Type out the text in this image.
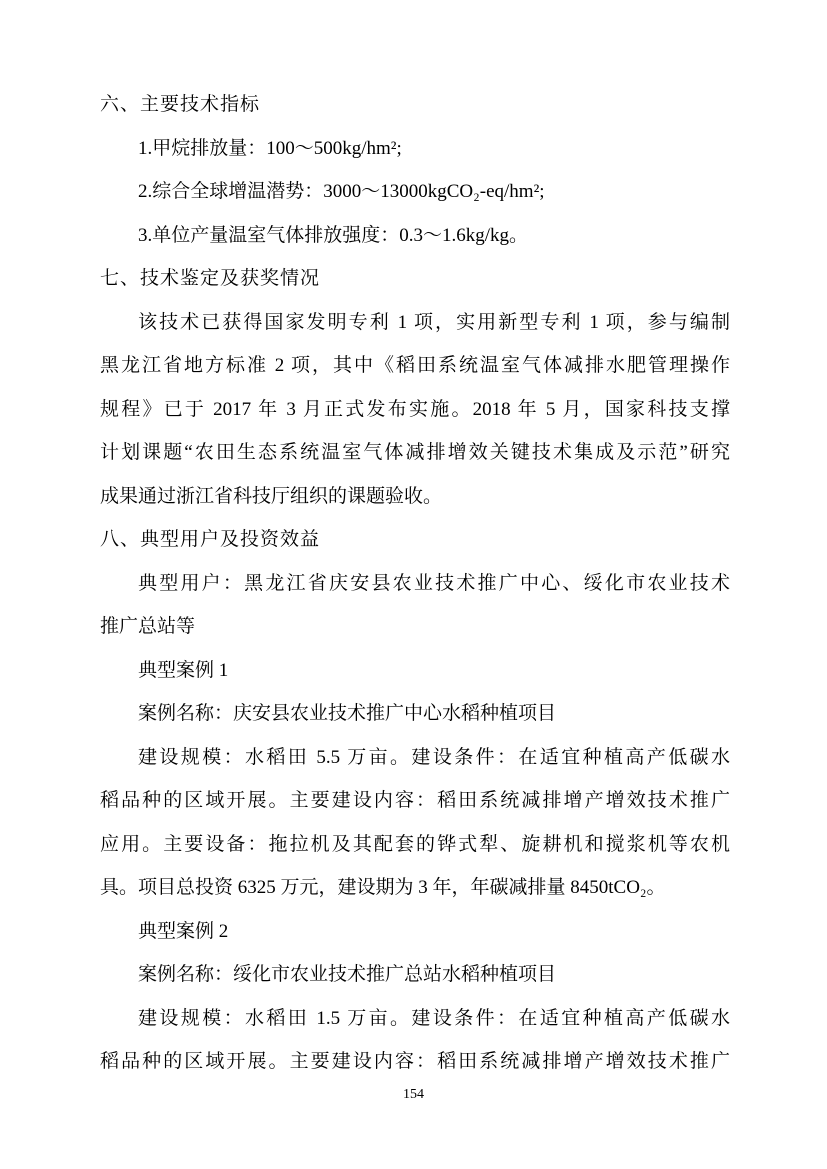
六、主要技术指标
1.甲烷排放量：100～500kg/hm²;
2.综合全球增温潜势：3000～13000kgCO₂-eq/hm²;
3.单位产量温室气体排放强度：0.3～1.6kg/kg。
七、技术鉴定及获奖情况
该技术已获得国家发明专利 1 项，实用新型专利 1 项，参与编制
黑龙江省地方标准 2 项，其中《稻田系统温室气体减排水肥管理操作
规程》已于 2017 年 3 月正式发布实施。2018 年 5 月，国家科技支撑
计划课题“农田生态系统温室气体减排增效关键技术集成及示范”研究
成果通过浙江省科技厅组织的课题验收。
八、典型用户及投资效益
典型用户：黑龙江省庆安县农业技术推广中心、绥化市农业技术
推广总站等
典型案例 1
案例名称：庆安县农业技术推广中心水稻种植项目
建设规模：水稻田 5.5 万亩。建设条件：在适宜种植高产低碳水
稻品种的区域开展。主要建设内容：稻田系统减排增产增效技术推广
应用。主要设备：拖拉机及其配套的铧式犁、旋耕机和搅浆机等农机
具。项目总投资 6325 万元，建设期为 3 年，年碳减排量 8450tCO₂。
典型案例 2
案例名称：绥化市农业技术推广总站水稻种植项目
建设规模：水稻田 1.5 万亩。建设条件：在适宜种植高产低碳水
稻品种的区域开展。主要建设内容：稻田系统减排增产增效技术推广
154
